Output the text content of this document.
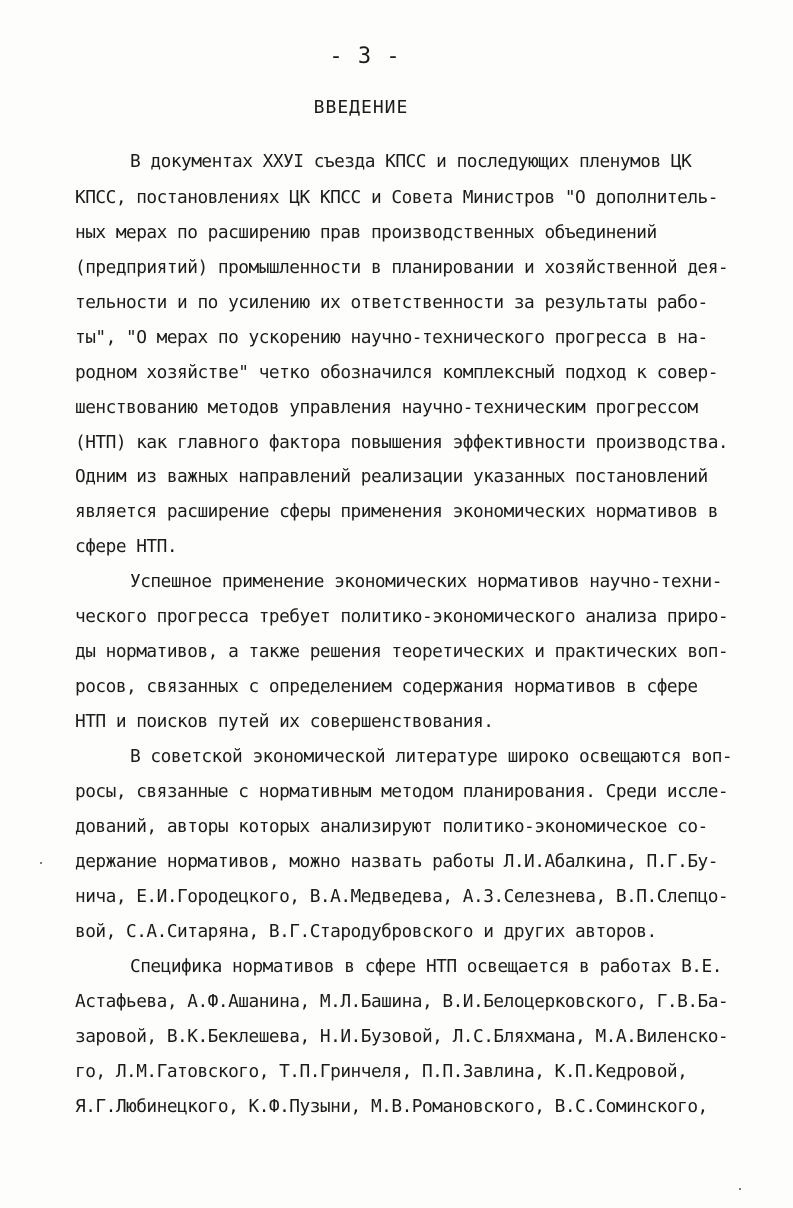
- 3 -
ВВЕДЕНИЕ
В документах ХХУI съезда КПСС и последующих пленумов ЦК
КПСС, постановлениях ЦК КПСС и Совета Министров "О дополнитель-
ных мерах по расширению прав производственных объединений
(предприятий) промышленности в планировании и хозяйственной дея-
тельности и по усилению их ответственности за результаты рабо-
ты", "О мерах по ускорению научно-технического прогресса в на-
родном хозяйстве" четко обозначился комплексный подход к совер-
шенствованию методов управления научно-техническим прогрессом
(НТП) как главного фактора повышения эффективности производства.
Одним из важных направлений реализации указанных постановлений
является расширение сферы применения экономических нормативов в
сфере НТП.
Успешное применение экономических нормативов научно-техни-
ческого прогресса требует политико-экономического анализа приро-
ды нормативов, а также решения теоретических и практических воп-
росов, связанных с определением содержания нормативов в сфере
НТП и поисков путей их совершенствования.
В советской экономической литературе широко освещаются воп-
росы, связанные с нормативным методом планирования. Среди иссле-
дований, авторы которых анализируют политико-экономическое со-
держание нормативов, можно назвать работы Л.И.Абалкина, П.Г.Бу-
нича, Е.И.Городецкого, В.А.Медведева, А.З.Селезнева, В.П.Слепцо-
вой, С.А.Ситаряна, В.Г.Стародубровского и других авторов.
Специфика нормативов в сфере НТП освещается в работах В.Е.
Астафьева, А.Ф.Ашанина, М.Л.Башина, В.И.Белоцерковского, Г.В.Ба-
заровой, В.К.Беклешева, Н.И.Бузовой, Л.С.Бляхмана, М.А.Виленско-
го, Л.М.Гатовского, Т.П.Гринчеля, П.П.Завлина, К.П.Кедровой,
Я.Г.Любинецкого, К.Ф.Пузыни, М.В.Романовского, В.С.Соминского,
